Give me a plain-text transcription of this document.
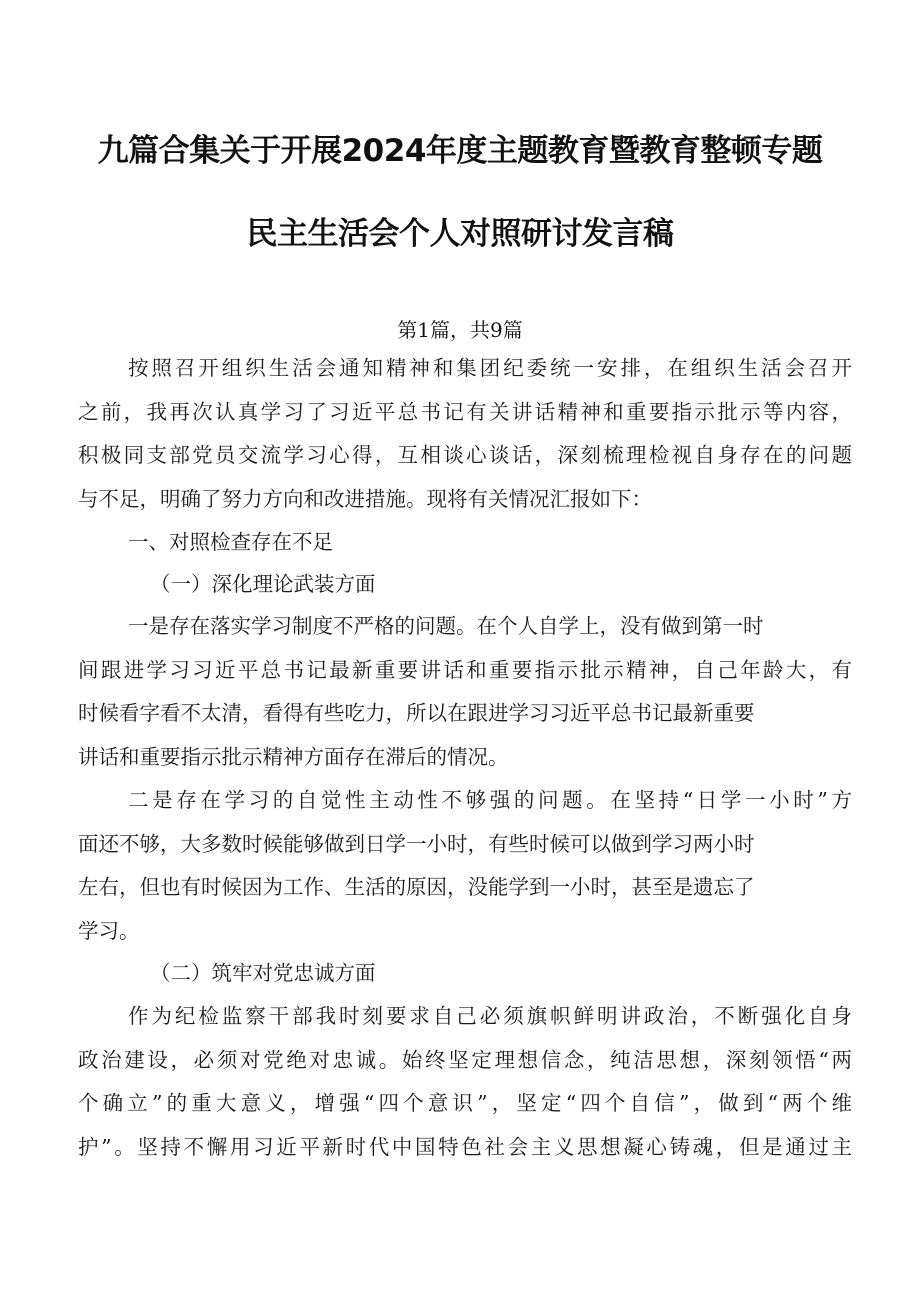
九篇合集关于开展2024年度主题教育暨教育整顿专题
民主生活会个人对照研讨发言稿
第1篇，共9篇
按照召开组织生活会通知精神和集团纪委统一安排，在组织生活会召开
之前，我再次认真学习了习近平总书记有关讲话精神和重要指示批示等内容，
积极同支部党员交流学习心得，互相谈心谈话，深刻梳理检视自身存在的问题
与不足，明确了努力方向和改进措施。现将有关情况汇报如下：
一、对照检查存在不足
（一）深化理论武装方面
一是存在落实学习制度不严格的问题。在个人自学上，没有做到第一时
间跟进学习习近平总书记最新重要讲话和重要指示批示精神，自己年龄大，有
时候看字看不太清，看得有些吃力，所以在跟进学习习近平总书记最新重要
讲话和重要指示批示精神方面存在滞后的情况。
二是存在学习的自觉性主动性不够强的问题。在坚持“日学一小时”方
面还不够，大多数时候能够做到日学一小时，有些时候可以做到学习两小时
左右，但也有时候因为工作、生活的原因，没能学到一小时，甚至是遗忘了
学习。
（二）筑牢对党忠诚方面
作为纪检监察干部我时刻要求自己必须旗帜鲜明讲政治，不断强化自身
政治建设，必须对党绝对忠诚。始终坚定理想信念，纯洁思想，深刻领悟“两
个确立”的重大意义，增强“四个意识”，坚定“四个自信”，做到“两个维
护”。坚持不懈用习近平新时代中国特色社会主义思想凝心铸魂，但是通过主
